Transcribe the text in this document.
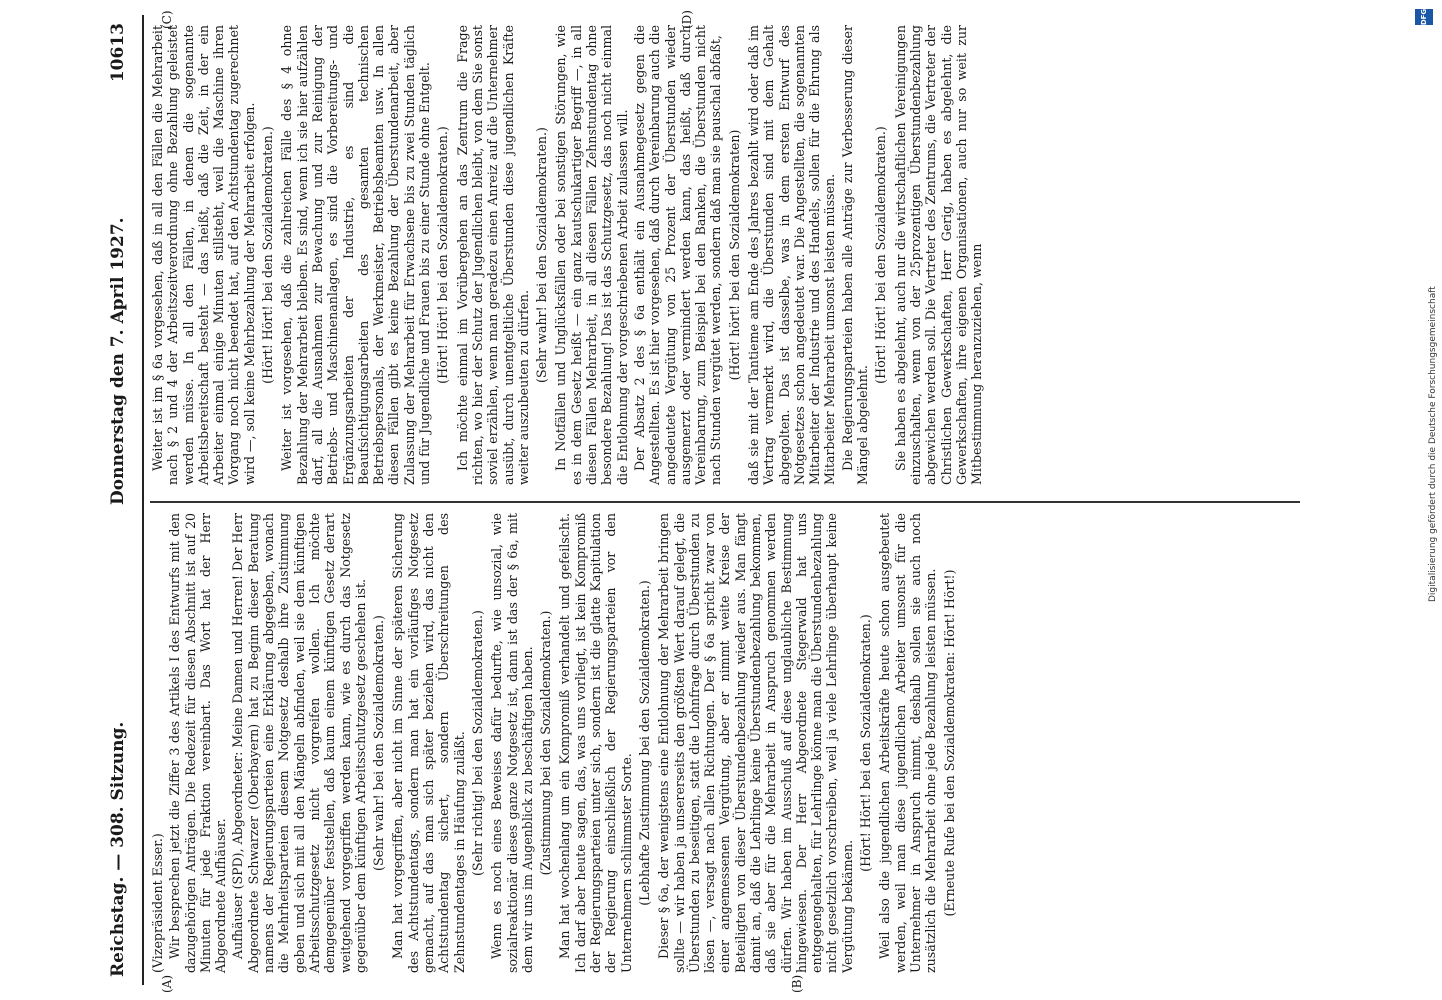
Reichstag. — 308. Sitzung.
Donnerstag den 7. April 1927.
10613
(A)	(B)
(C)	(D)

(Vizepräsident Esser.) Wir besprechen jetzt die Ziffer 3 des Artikels I des Entwurfs mit den dazugehörigen Anträgen. Die Redezeit für diesen Abschnitt ist auf 20 Minuten für jede Fraktion vereinbart. Das Wort hat der Herr Abgeordnete Aufhäuser. Aufhäuser (SPD), Abgeordneter: Meine Damen und Herren! Der Herr Abgeordnete Schwarzer (Oberbayern) hat zu Beginn dieser Beratung namens der Regierungsparteien eine Erklärung abgegeben, wonach die Mehrheitsparteien diesem Notgesetz deshalb ihre Zustimmung geben und sich mit all den Mängeln abfinden, weil sie dem künftigen Arbeitsschutzgesetz nicht vorgreifen wollen. Ich möchte demgegenüber feststellen, daß kaum einem künftigen Gesetz derart weitgehend vorgegriffen werden kann, wie es durch das Notgesetz gegenüber dem künftigen Arbeitsschutzgesetz geschehen ist. (Sehr wahr! bei den Sozialdemokraten.) Man hat vorgegriffen, aber nicht im Sinne der späteren Sicherung des Achtstundentags, sondern man hat ein vorläufiges Notgesetz gemacht, auf das man sich später beziehen wird, das nicht den Achtstundentag sichert, sondern Überschreitungen des Zehnstundentages in Häufung zuläßt. (Sehr richtig! bei den Sozialdemokraten.) Wenn es noch eines Beweises dafür bedurfte, wie unsozial, wie sozialreaktionär dieses ganze Notgesetz ist, dann ist das der § 6a, mit dem wir uns im Augenblick zu beschäftigen haben. (Zustimmung bei den Sozialdemokraten.) Man hat wochenlang um ein Kompromiß verhandelt und gefeilscht. Ich darf aber heute sagen, das, was uns vorliegt, ist kein Kompromiß der Regierungsparteien unter sich, sondern ist die glatte Kapitulation der Regierung einschließlich der Regierungsparteien vor den Unternehmern schlimmster Sorte. (Lebhafte Zustimmung bei den Sozialdemokraten.) Dieser § 6a, der wenigstens eine Entlohnung der Mehrarbeit bringen sollte — wir haben ja unsererseits den größten Wert darauf gelegt, die Überstunden zu beseitigen, statt die Lohnfrage durch Überstunden zu lösen —, versagt nach allen Richtungen. Der § 6a spricht zwar von einer angemessenen Vergütung, aber er nimmt weite Kreise der Beteiligten von dieser Überstundenbezahlung wieder aus. Man fängt damit an, daß die Lehrlinge keine Überstundenbezahlung bekommen, daß sie aber für die Mehrarbeit in Anspruch genommen werden dürfen. Wir haben im Ausschuß auf diese unglaubliche Bestimmung hingewiesen. Der Herr Abgeordnete Stegerwald hat uns entgegengehalten, für Lehrlinge könne man die Überstundenbezahlung nicht gesetzlich vorschreiben, weil ja viele Lehrlinge überhaupt keine Vergütung bekämen.

(Hört! Hört! bei den Sozialdemokraten.) Weil also die jugendlichen Arbeitskräfte heute schon ausgebeutet werden, weil man diese jugendlichen Arbeiter umsonst für die Unternehmer in Anspruch nimmt, deshalb sollen sie auch noch zusätzlich die Mehrarbeit ohne jede Bezahlung leisten müssen. (Erneute Rufe bei den Sozialdemokraten: Hört! Hört!)

Weiter ist im § 6a vorgesehen, daß in all den Fällen die Mehrarbeit nach § 2 und 4 der Arbeitszeitverordnung ohne Bezahlung geleistet werden müsse. In all den Fällen, in denen die sogenannte Arbeitsbereitschaft besteht — das heißt, daß die Zeit, in der ein Arbeiter einmal einige Minuten stillsteht, weil die Maschine ihren Vorgang noch nicht beendet hat, auf den Achtstundentag zugerechnet wird —, soll keine Mehrbezahlung der Mehrarbeit erfolgen. (Hört! Hört! bei den Sozialdemokraten.) Weiter ist vorgesehen, daß die zahlreichen Fälle des § 4 ohne Bezahlung der Mehrarbeit bleiben. Es sind, wenn ich sie hier aufzählen darf, all die Ausnahmen zur Bewachung und zur Reinigung der Betriebs- und Maschinenanlagen, es sind die Vorbereitungs- und Ergänzungsarbeiten der Industrie, es sind die Beaufsichtigungsarbeiten des gesamten technischen Betriebspersonals, der Werkmeister, Betriebsbeamten usw. In allen diesen Fällen gibt es keine Bezahlung der Überstundenarbeit, aber Zulassung der Mehrarbeit für Erwachsene bis zu zwei Stunden täglich und für Jugendliche und Frauen bis zu einer Stunde ohne Entgelt. (Hört! Hört! bei den Sozialdemokraten.) Ich möchte einmal im Vorübergehen an das Zentrum die Frage richten, wo hier der Schutz der Jugendlichen bleibt, von dem Sie sonst soviel erzählen, wenn man geradezu einen Anreiz auf die Unternehmer ausübt, durch unentgeltliche Überstunden diese jugendlichen Kräfte weiter auszubeuten zu dürfen.

(Sehr wahr! bei den Sozialdemokraten.) In Notfällen und Unglücksfällen oder bei sonstigen Störungen, wie es in dem Gesetz heißt — ein ganz kautschukartiger Begriff —, in all diesen Fällen Mehrarbeit, in all diesen Fällen Zehnstundentag ohne besondere Bezahlung! Das ist das Schutzgesetz, das noch nicht einmal die Entlohnung der vorgeschriebenen Arbeit zulassen will. Der Absatz 2 des § 6a enthält ein Ausnahmegesetz gegen die Angestellten. Es ist hier vorgesehen, daß durch Vereinbarung auch die angedeutete Vergütung von 25 Prozent der Überstunden wieder ausgemerzt oder vermindert werden kann, das heißt, daß durch Vereinbarung, zum Beispiel bei den Banken, die Überstunden nicht nach Stunden vergütet werden, sondern daß man sie pauschal abfaßt, (Hört! hört! bei den Sozialdemokraten) daß sie mit der Tantieme am Ende des Jahres bezahlt wird oder daß im Vertrag vermerkt wird, die Überstunden sind mit dem Gehalt abgegolten. Das ist dasselbe, was in dem ersten Entwurf des Notgesetzes schon angedeutet war. Die Angestellten, die sogenannten Mitarbeiter der Industrie und des Handels, sollen für die Ehrung als Mitarbeiter Mehrarbeit umsonst leisten müssen. Die Regierungsparteien haben alle Anträge zur Verbesserung dieser Mängel abgelehnt.

(Hört! Hört! bei den Sozialdemokraten.) Sie haben es abgelehnt, auch nur die wirtschaftlichen Vereinigungen einzuschalten, wenn von der 25prozentigen Überstundenbezahlung abgewichen werden soll. Die Vertreter des Zentrums, die Vertreter der Christlichen Gewerkschaften, Herr Gerig, haben es abgelehnt, die Gewerkschaften, ihre eigenen Organisationen, auch nur so weit zur Mitbestimmung heranzuziehen, wenn	Digitalisierung gefördert durch die Deutsche Forschungsgemeinschaft
DFG
